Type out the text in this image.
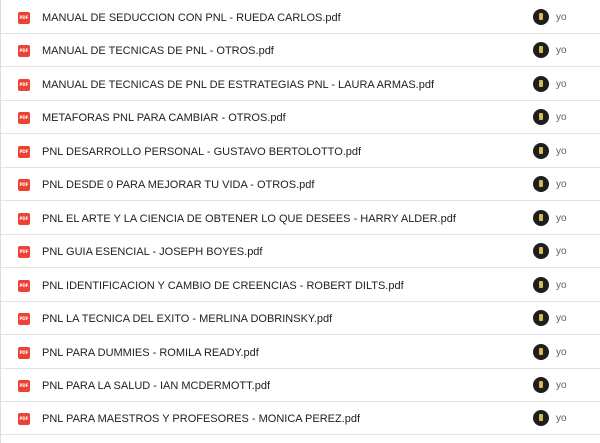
PDF MANUAL DE SEDUCCION CON PNL - RUEDA CARLOS.pdf	yo
PDF MANUAL DE TECNICAS DE PNL - OTROS.pdf	yo
PDF MANUAL DE TECNICAS DE PNL DE ESTRATEGIAS PNL - LAURA ARMAS.pdf	yo
PDF METAFORAS PNL PARA CAMBIAR - OTROS.pdf	yo
PDF PNL DESARROLLO PERSONAL - GUSTAVO BERTOLOTTO.pdf	yo
PDF PNL DESDE 0 PARA MEJORAR TU VIDA - OTROS.pdf	yo
PDF PNL EL ARTE Y LA CIENCIA DE OBTENER LO QUE DESEES - HARRY ALDER.pdf	yo
PDF PNL GUIA ESENCIAL - JOSEPH BOYES.pdf	yo
PDF PNL IDENTIFICACION Y CAMBIO DE CREENCIAS - ROBERT DILTS.pdf	yo
PDF PNL LA TECNICA DEL EXITO - MERLINA DOBRINSKY.pdf	yo
PDF PNL PARA DUMMIES - ROMILA READY.pdf	yo
PDF PNL PARA LA SALUD - IAN MCDERMOTT.pdf	yo
PDF PNL PARA MAESTROS Y PROFESORES - MONICA PEREZ.pdf	yo
